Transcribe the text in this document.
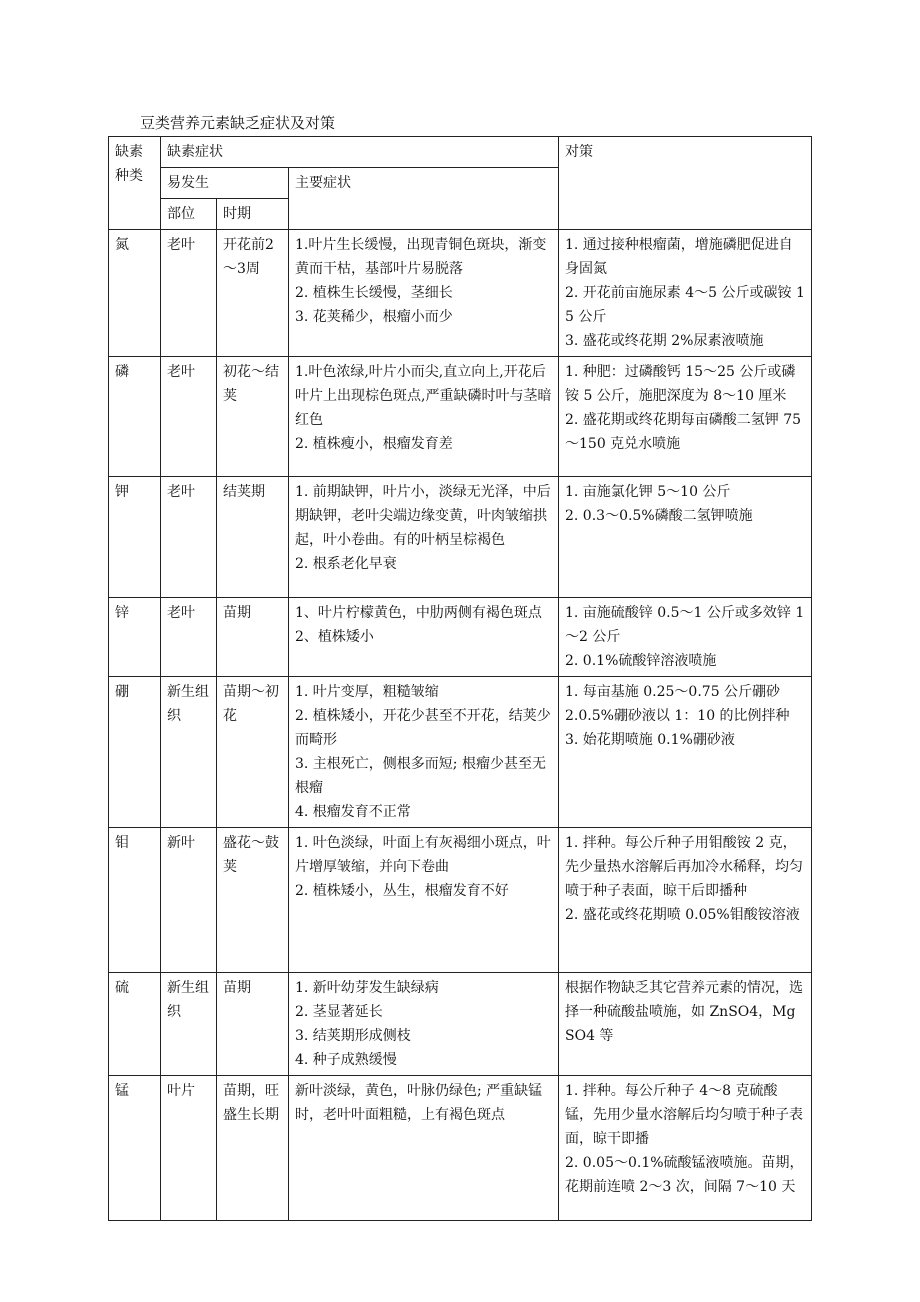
豆类营养元素缺乏症状及对策
缺素种类	缺素症状			对策
	易发生		主要症状	
	部位	时期		
氮	老叶	开花前2～3周	1.叶片生长缓慢，出现青铜色斑块，渐变黄而干枯，基部叶片易脱落
2. 植株生长缓慢，茎细长
3. 花荚稀少，根瘤小而少	1. 通过接种根瘤菌，增施磷肥促进自身固氮
2. 开花前亩施尿素 4～5 公斤或碳铵 15 公斤
3. 盛花或终花期 2%尿素液喷施

磷	老叶	初花～结荚	1.叶色浓绿,叶片小而尖,直立向上,开花后叶片上出现棕色斑点,严重缺磷时叶与茎暗红色
2. 植株瘦小，根瘤发育差	1. 种肥：过磷酸钙 15～25 公斤或磷铵 5 公斤，施肥深度为 8～10 厘米
2. 盛花期或终花期每亩磷酸二氢钾 75～150 克兑水喷施

钾	老叶	结荚期	1. 前期缺钾，叶片小，淡绿无光泽，中后期缺钾，老叶尖端边缘变黄，叶肉皱缩拱起，叶小卷曲。有的叶柄呈棕褐色
2. 根系老化早衰	1. 亩施氯化钾 5～10 公斤
2. 0.3～0.5%磷酸二氢钾喷施

锌	老叶	苗期	1、叶片柠檬黄色，中肋两侧有褐色斑点
2、植株矮小	1. 亩施硫酸锌 0.5～1 公斤或多效锌 1～2 公斤
2. 0.1%硫酸锌溶液喷施

硼	新生组织	苗期～初花	1. 叶片变厚，粗糙皱缩
2. 植株矮小，开花少甚至不开花，结荚少而畸形
3. 主根死亡，侧根多而短; 根瘤少甚至无根瘤
4. 根瘤发育不正常	1. 每亩基施 0.25～0.75 公斤硼砂
2.0.5%硼砂液以 1：10 的比例拌种
3. 始花期喷施 0.1%硼砂液

钼	新叶	盛花～鼓荚	1. 叶色淡绿，叶面上有灰褐细小斑点，叶片增厚皱缩，并向下卷曲
2. 植株矮小，丛生，根瘤发育不好	1. 拌种。每公斤种子用钼酸铵 2 克，先少量热水溶解后再加冷水稀释，均匀喷于种子表面，晾干后即播种
2. 盛花或终花期喷 0.05%钼酸铵溶液

硫	新生组织	苗期	1. 新叶幼芽发生缺绿病
2. 茎显著延长
3. 结荚期形成侧枝
4. 种子成熟缓慢	根据作物缺乏其它营养元素的情况，选择一种硫酸盐喷施，如 ZnSO4，MgSO4 等

锰	叶片	苗期，旺盛生长期	新叶淡绿，黄色，叶脉仍绿色; 严重缺锰时，老叶叶面粗糙，上有褐色斑点	1. 拌种。每公斤种子 4～8 克硫酸锰，先用少量水溶解后均匀喷于种子表面，晾干即播
2. 0.05～0.1%硫酸锰液喷施。苗期，花期前连喷 2～3 次，间隔 7～10 天
